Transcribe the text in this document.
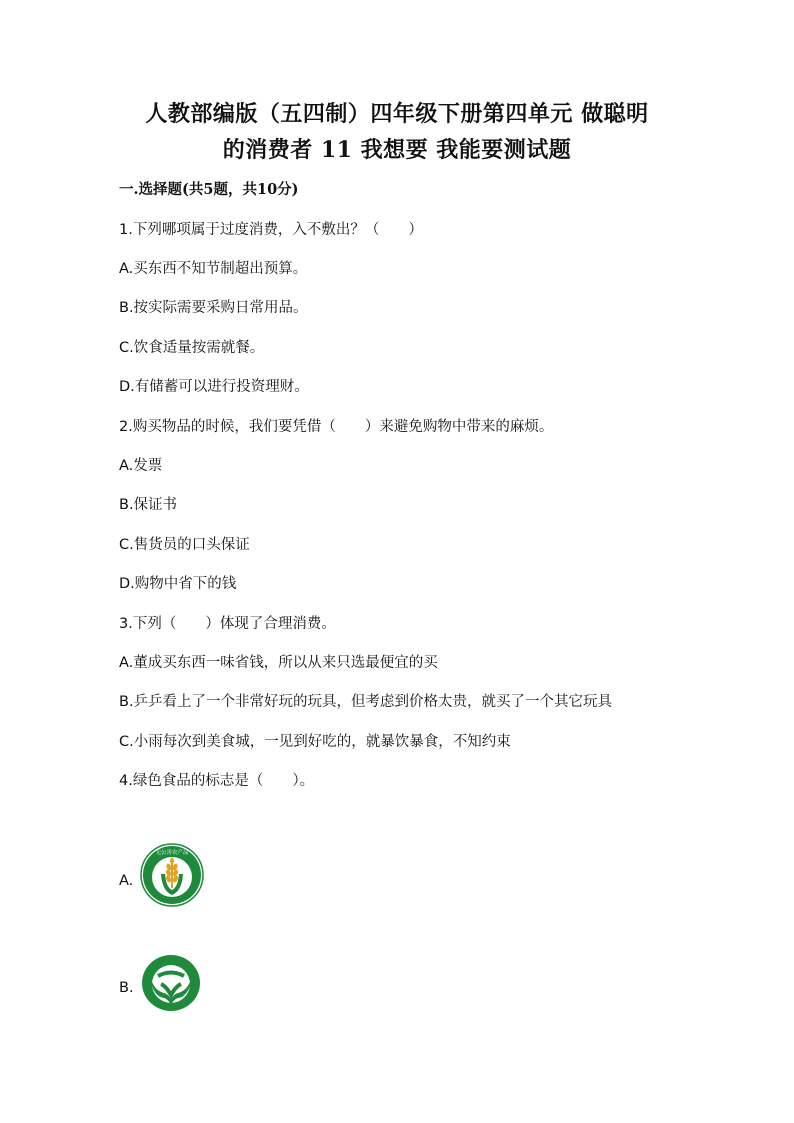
人教部编版（五四制）四年级下册第四单元 做聪明
的消费者 11 我想要 我能要测试题
一.选择题(共5题，共10分)
1.下列哪项属于过度消费，入不敷出？（　　）
A.买东西不知节制超出预算。
B.按实际需要采购日常用品。
C.饮食适量按需就餐。
D.有储蓄可以进行投资理财。
2.购买物品的时候，我们要凭借（　　）来避免购物中带来的麻烦。
A.发票
B.保证书
C.售货员的口头保证
D.购物中省下的钱
3.下列（　　）体现了合理消费。
A.董成买东西一味省钱，所以从来只选最便宜的买
B.乒乒看上了一个非常好玩的玩具，但考虑到价格太贵，就买了一个其它玩具
C.小雨每次到美食城，一见到好吃的，就暴饮暴食，不知约束
4.绿色食品的标志是（　　）。
A.
无公害农产品
B.
